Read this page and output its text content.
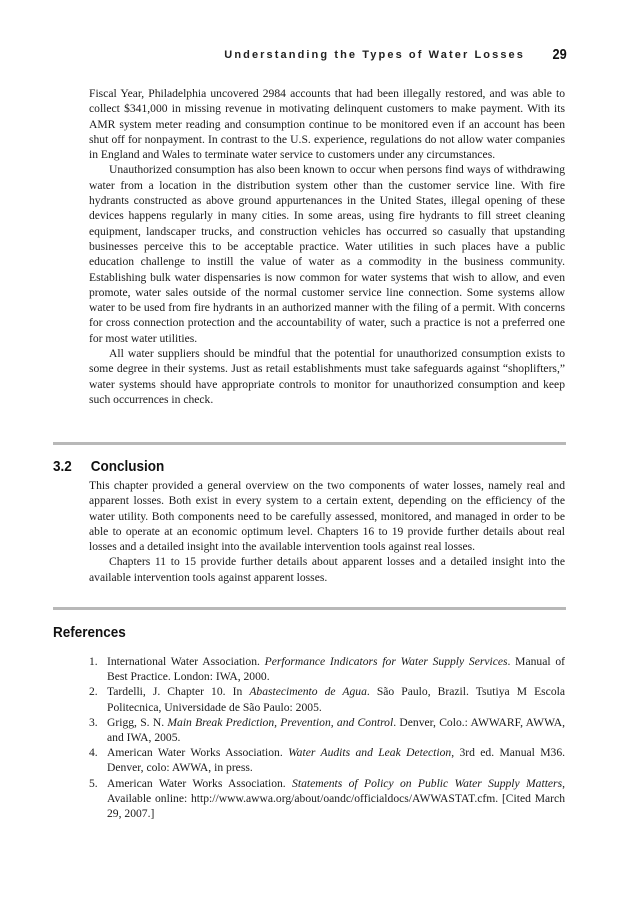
Understanding the Types of Water Losses 29

Fiscal Year, Philadelphia uncovered 2984 accounts that had been illegally restored, and was able to collect $341,000 in missing revenue in motivating delinquent customers to make payment. With its AMR system meter reading and consumption continue to be monitored even if an account has been shut off for nonpayment. In contrast to the U.S. experience, regulations do not allow water companies in England and Wales to terminate water service to customers under any circumstances.

Unauthorized consumption has also been known to occur when persons find ways of withdrawing water from a location in the distribution system other than the customer service line. With fire hydrants constructed as above ground appurtenances in the United States, illegal opening of these devices happens regularly in many cities. In some areas, using fire hydrants to fill street cleaning equipment, landscaper trucks, and construction vehicles has occurred so casually that upstanding businesses perceive this to be acceptable practice. Water utilities in such places have a public education challenge to instill the value of water as a commodity in the business community. Establishing bulk water dispensaries is now common for water systems that wish to allow, and even promote, water sales outside of the normal customer service line connection. Some systems allow water to be used from fire hydrants in an authorized manner with the filing of a permit. With concerns for cross connection protection and the accountability of water, such a practice is not a preferred one for most water utilities.

All water suppliers should be mindful that the potential for unauthorized consumption exists to some degree in their systems. Just as retail establishments must take safeguards against “shoplifters,” water systems should have appropriate controls to monitor for unauthorized consumption and keep such occurrences in check.

3.2 Conclusion

This chapter provided a general overview on the two components of water losses, namely real and apparent losses. Both exist in every system to a certain extent, depending on the efficiency of the water utility. Both components need to be carefully assessed, monitored, and managed in order to be able to operate at an economic optimum level. Chapters 16 to 19 provide further details about real losses and a detailed insight into the available intervention tools against real losses.

Chapters 11 to 15 provide further details about apparent losses and a detailed insight into the available intervention tools against apparent losses.

References

1. International Water Association. Performance Indicators for Water Supply Services. Manual of Best Practice. London: IWA, 2000.

2. Tardelli, J. Chapter 10. In Abastecimento de Agua. São Paulo, Brazil. Tsutiya M Escola Politecnica, Universidade de São Paulo: 2005.

3. Grigg, S. N. Main Break Prediction, Prevention, and Control. Denver, Colo.: AWWARF, AWWA, and IWA, 2005.

4. American Water Works Association. Water Audits and Leak Detection, 3rd ed. Manual M36. Denver, colo: AWWA, in press.

5. American Water Works Association. Statements of Policy on Public Water Supply Matters, Available online: http://www.awwa.org/about/oandc/officialdocs/AWWASTAT.cfm. [Cited March 29, 2007.]
